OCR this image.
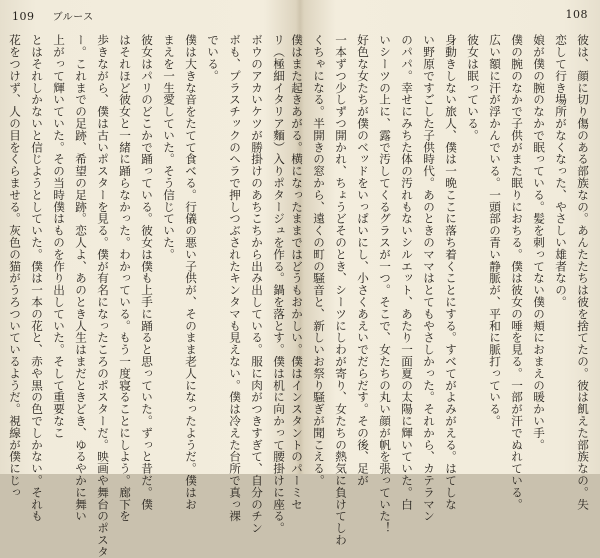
109 ブルース
リ（極細イタリア麵）入りポタージュを作る。鍋を落とす。僕は机に向かって腰掛けに座る。
ボウのアカいケツが勝掛けのあちこちから出み出している。服に肉がつきすぎて、自分のチン
ボも、プラスチックのヘラで押しつぶされたキンタマも見えない。僕は冷えた台所で真っ裸
でいる。
僕は大きな音をたてて食べる。行儀の悪い子供が、そのまま老人になったようだ。僕はお
まえを一生愛していた。そう信じていた。
彼女はパリのどこかで踊っている。彼女は僕も上手に踊ると思っていた。ずっと昔だ。僕
はそれほど彼女と一緒に踊らなかった。わかっている。もう一度寝ることにしよう。廊下を
歩きながら、僕は古いポスターを見る。僕が有名になったころのポスターだ。映画や舞台のポスタ
ー。これまでの足跡、希望の足跡。恋人よ、あのとき人生はまだときどき、ゆるやかに舞い
上がって輝いていた。その当時僕はものを作り出していた。そして重要なこ
とはそれしかないと信じようとしていた。僕は一本の花と、赤や黒の色でしかない。それも
花をつけず、人の目をくらませる。灰色の猫がうろついているようだ。視線が僕にじっ
108
彼は、顔に切り傷のある部族なの。あんたたちは彼を捨てたの。彼は飢えた部族なの。失
恋して行き場所がなくなった、やさしい雄者なの。
娘が僕の腕のなかで眠っている。髪を刺ってない僕の頬におまえの暖かい手。
僕の腕のなかで子供がまた眠りにおちる。僕は彼女の唾を見る。一部が汗でぬれている。
広い額に汗が浮かんでいる。一頭部の青い静脈が、平和に脈打っている。
彼女は眠っている。
身動きしない旅人、僕は一晩ここに落ち着くことにする。すべてがよみがえる。はてしな
い野原ですごした子供時代。あのときのママはとてもやさしかった。それから、カテラマン
のパパ。幸せにみちた体の汚れもないシルエット、あたり一面夏の太陽に輝いていた。白
いシーツの上に、露で汚してくるグラスが一つ。そこで、女たちの丸い顔が帆を張っていた！
好色な女たちが僕のベッドをいっぱいにし、小さくあえいでだらだす。その後、足が
一本ずつ少しずつ開かれ、ちょうどそのとき、シーツにしわが寄り、女たちの熱気に負けてしわ
くちゃになる。半開きの窓から、遠くの町の騒音と、新しいお祭り騒ぎが聞こえる。
僕はまた起きあがる。横になったままではどうもおかしい。僕はインスタントのパーミセ
